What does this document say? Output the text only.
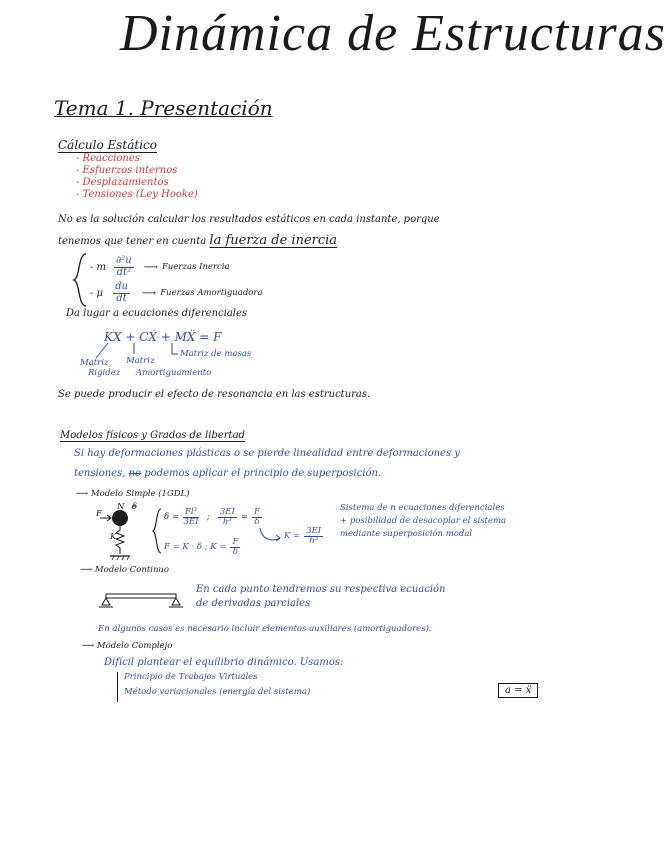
Dinámica de Estructuras
Tema 1. Presentación
Cálculo Estático
- Reacciones
- Esfuerzos internos
- Desplazamientos
- Tensiones (Ley Hooke)
No es la solución calcular los resultados estáticos en cada instante, porque
tenemos que tener en cuenta la fuerza de inercia
- m $\frac{\text{∂²u}}{\text{dt²}}$ ⟶ Fuerzas Inercia
- μ $\frac{du}{dt}$ ⟶ Fuerzas Amortiguadora
Da lugar a ecuaciones diferenciales
KX + CẊ + MẌ = F
Matriz de masas
Matriz
Rigidez
Matriz
Amortiguamiento
Se puede producir el efecto de resonancia en las estructuras.
Modelos físicos y Grados de libertad
Si hay deformaciones plásticas o se pierde linealidad entre deformaciones y
tensiones, no podemos aplicar el principio de superposición.
⟶ Modelo Simple (1GDL)
F
N δ
K
$\delta = \frac{\text{Fl³}}{3EI}$ ; $\frac{3EI}{\text{h³}} = \frac{F}{\delta}$
F = K · δ ; $K = \frac{F}{\delta}$
$K = \frac{3EI}{\text{h³}}$
Sistema de n ecuaciones diferenciales
+ posibilidad de desacoplar el sistema
mediante superposición modal
⟶ Modelo Continuo
En cada punto tendremos su respectiva ecuación
de derivadas parciales
En algunos casos es necesario incluir elementos auxiliares (amortiguadores).
⟶ Modelo Complejo
Difícil plantear el equilibrio dinámico. Usamos:
Principio de Trabajos Virtuales
Método variacionales (energía del sistema)	a = ẍ
